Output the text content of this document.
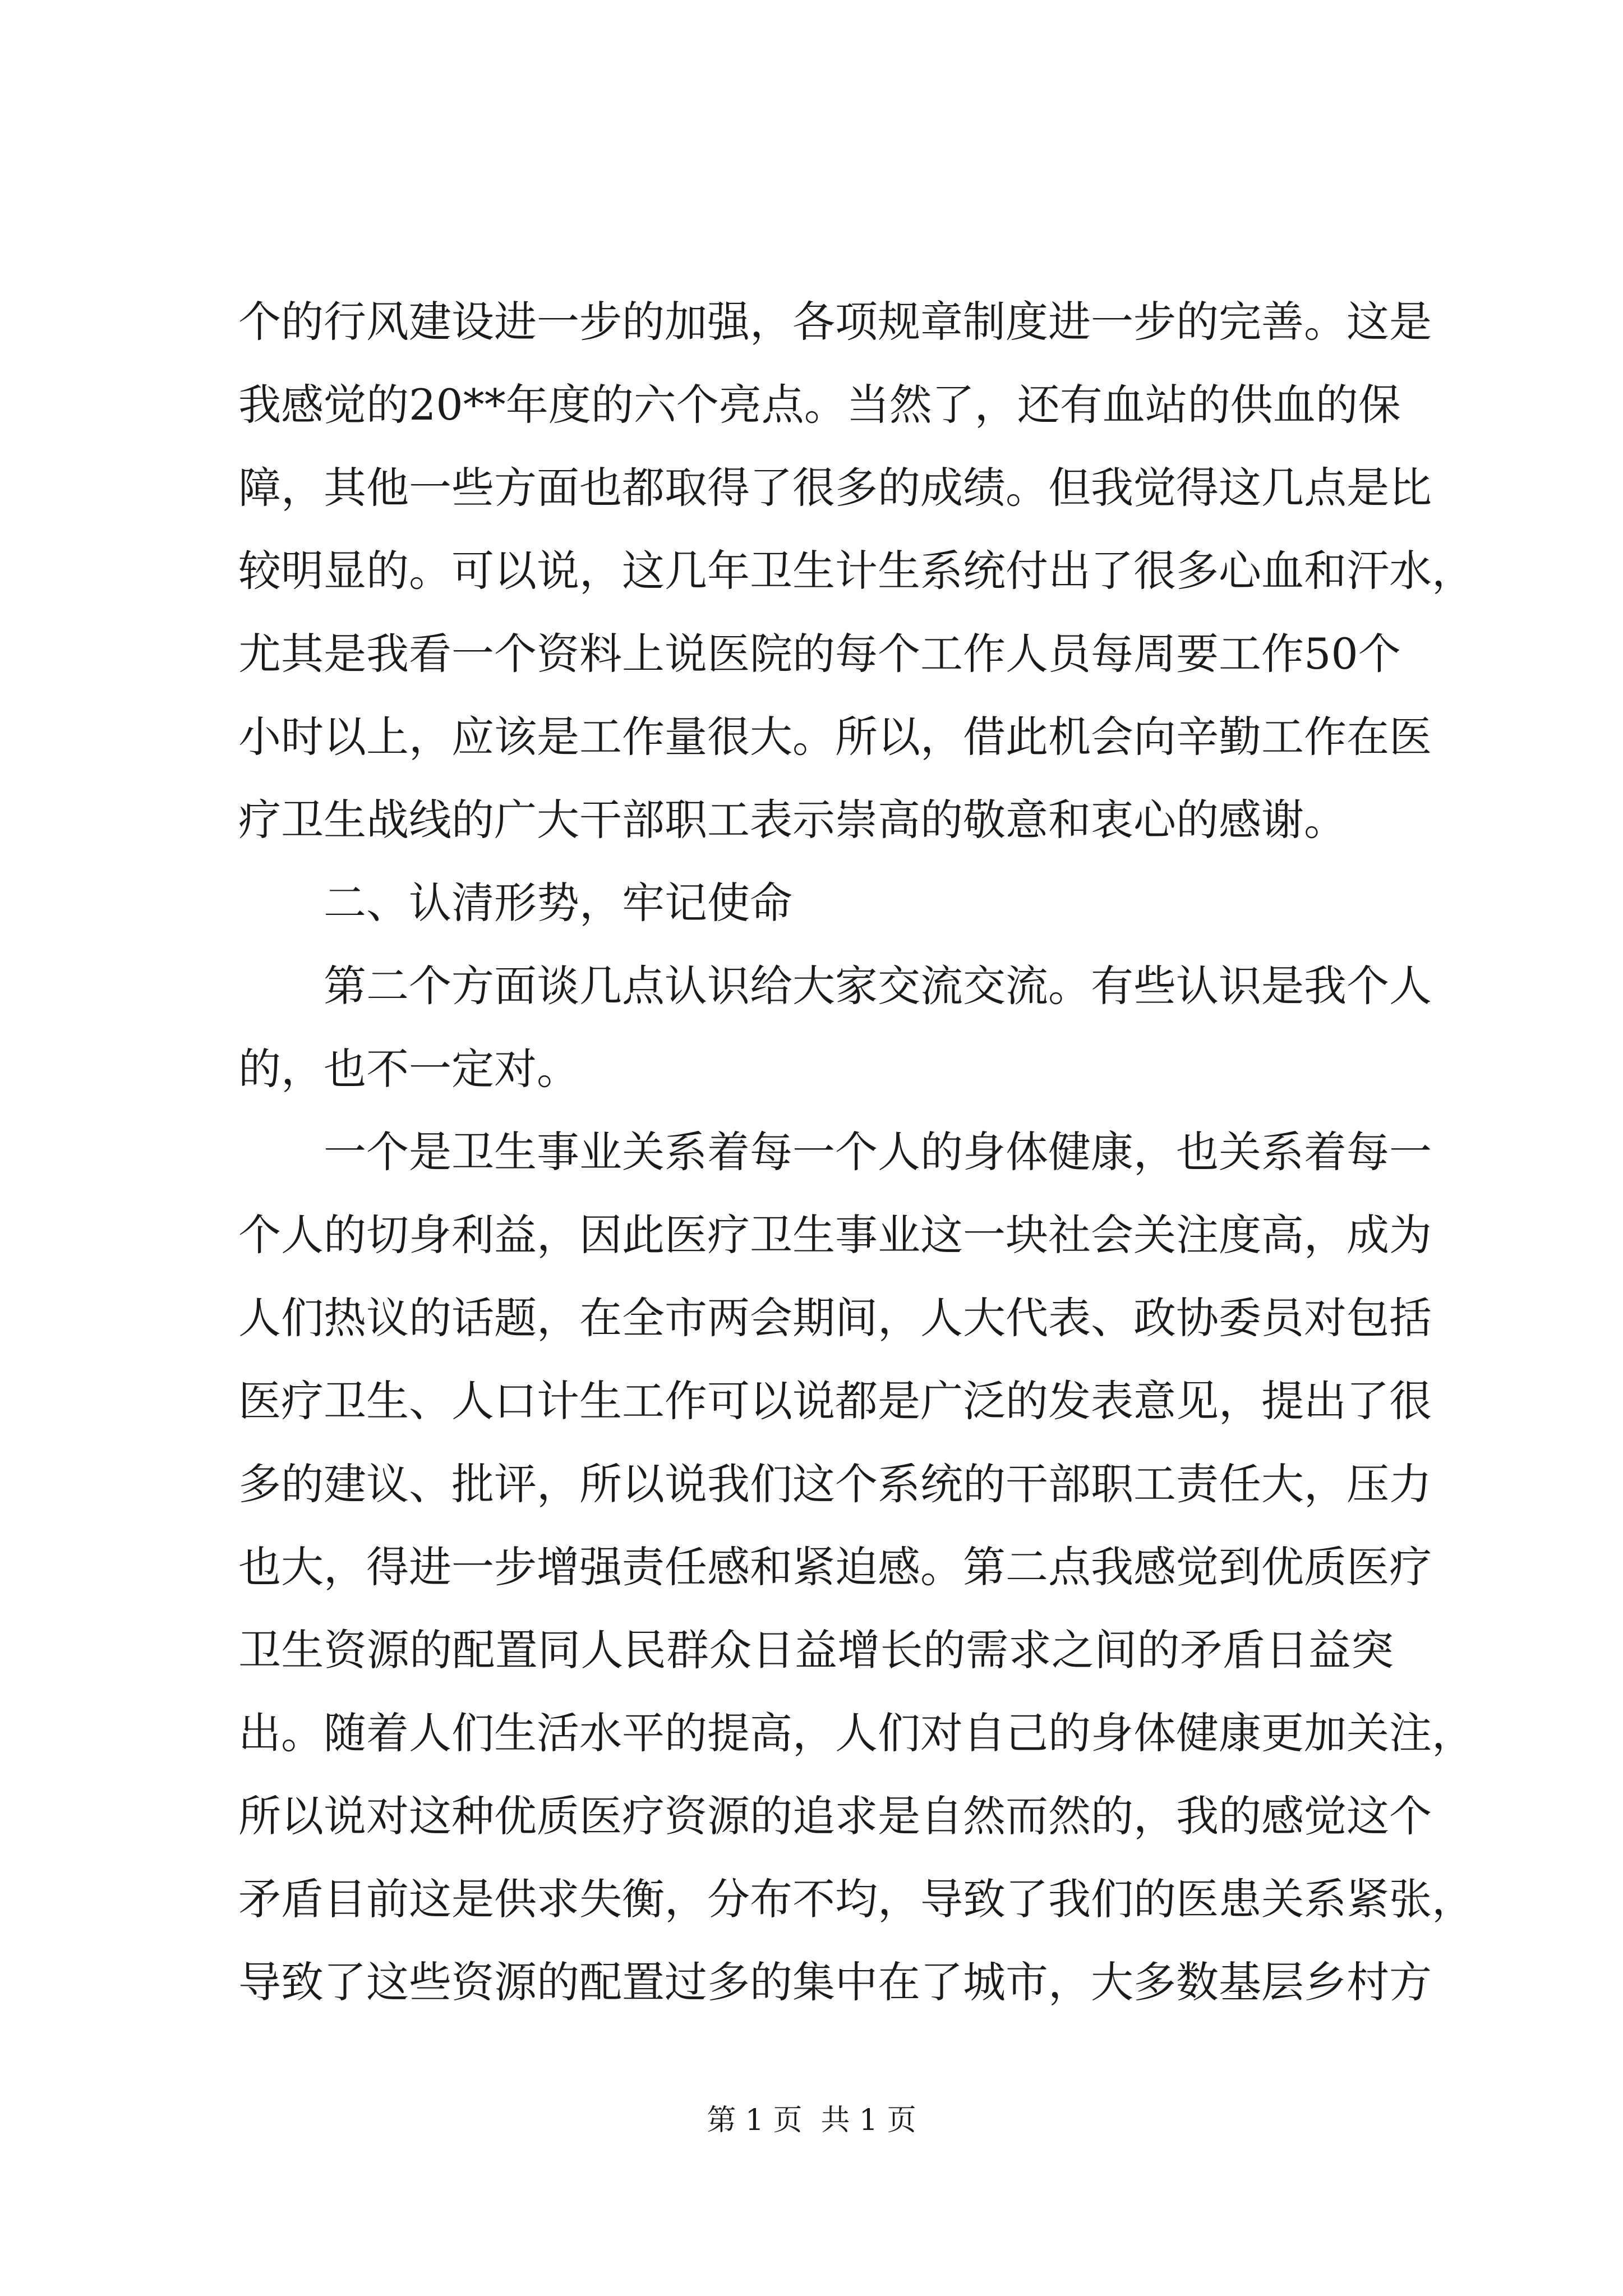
个的行风建设进一步的加强，各项规章制度进一步的完善。这是
我感觉的20**年度的六个亮点。当然了，还有血站的供血的保
障，其他一些方面也都取得了很多的成绩。但我觉得这几点是比
较明显的。可以说，这几年卫生计生系统付出了很多心血和汗水，
尤其是我看一个资料上说医院的每个工作人员每周要工作50个
小时以上，应该是工作量很大。所以，借此机会向辛勤工作在医
疗卫生战线的广大干部职工表示崇高的敬意和衷心的感谢。
　　二、认清形势，牢记使命
　　第二个方面谈几点认识给大家交流交流。有些认识是我个人
的，也不一定对。
　　一个是卫生事业关系着每一个人的身体健康，也关系着每一
个人的切身利益，因此医疗卫生事业这一块社会关注度高，成为
人们热议的话题，在全市两会期间，人大代表、政协委员对包括
医疗卫生、人口计生工作可以说都是广泛的发表意见，提出了很
多的建议、批评，所以说我们这个系统的干部职工责任大，压力
也大，得进一步增强责任感和紧迫感。第二点我感觉到优质医疗
卫生资源的配置同人民群众日益增长的需求之间的矛盾日益突
出。随着人们生活水平的提高，人们对自己的身体健康更加关注，
所以说对这种优质医疗资源的追求是自然而然的，我的感觉这个
矛盾目前这是供求失衡，分布不均，导致了我们的医患关系紧张，
导致了这些资源的配置过多的集中在了城市，大多数基层乡村方
第 1 页  共 1 页
